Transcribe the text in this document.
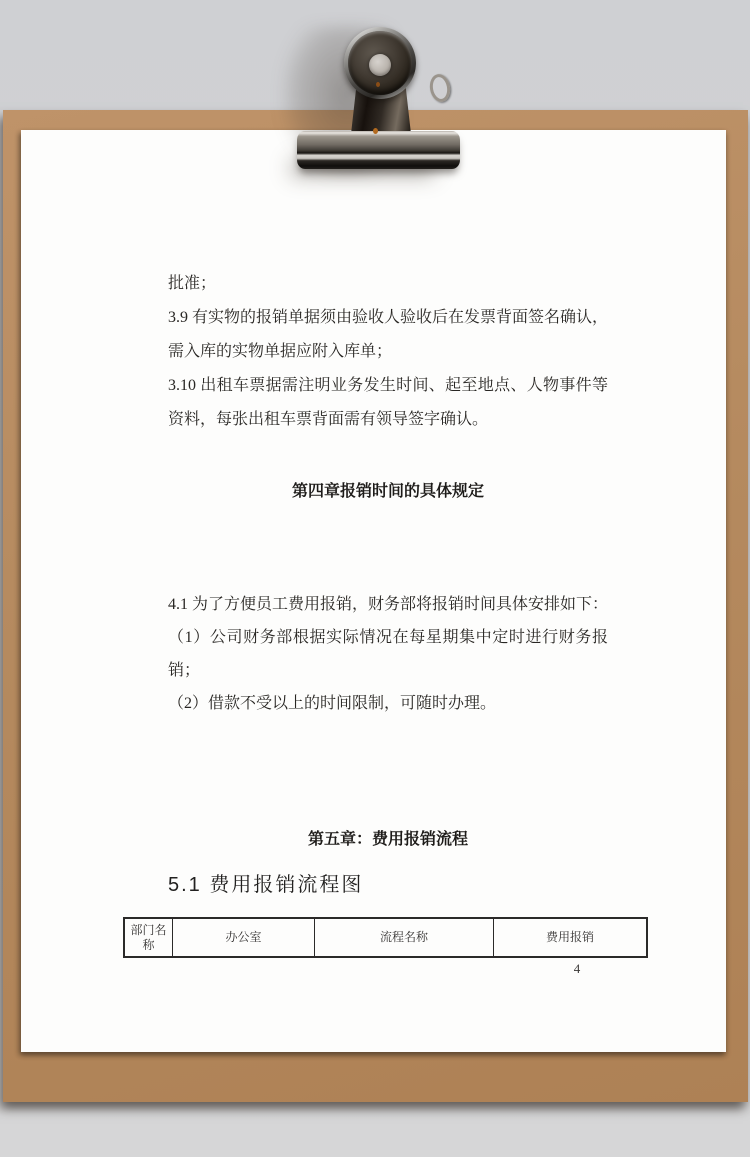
批准；

3.9 有实物的报销单据须由验收人验收后在发票背面签名确认，需入库的实物单据应附入库单；

3.10 出租车票据需注明业务发生时间、起至地点、人物事件等资料，每张出租车票背面需有领导签字确认。

第四章报销时间的具体规定

4.1 为了方便员工费用报销，财务部将报销时间具体安排如下：

（1）公司财务部根据实际情况在每星期集中定时进行财务报销；

（2）借款不受以上的时间限制，可随时办理。

第五章：费用报销流程
5.1 费用报销流程图
部门名称	办公室	流程名称	费用报销
4
